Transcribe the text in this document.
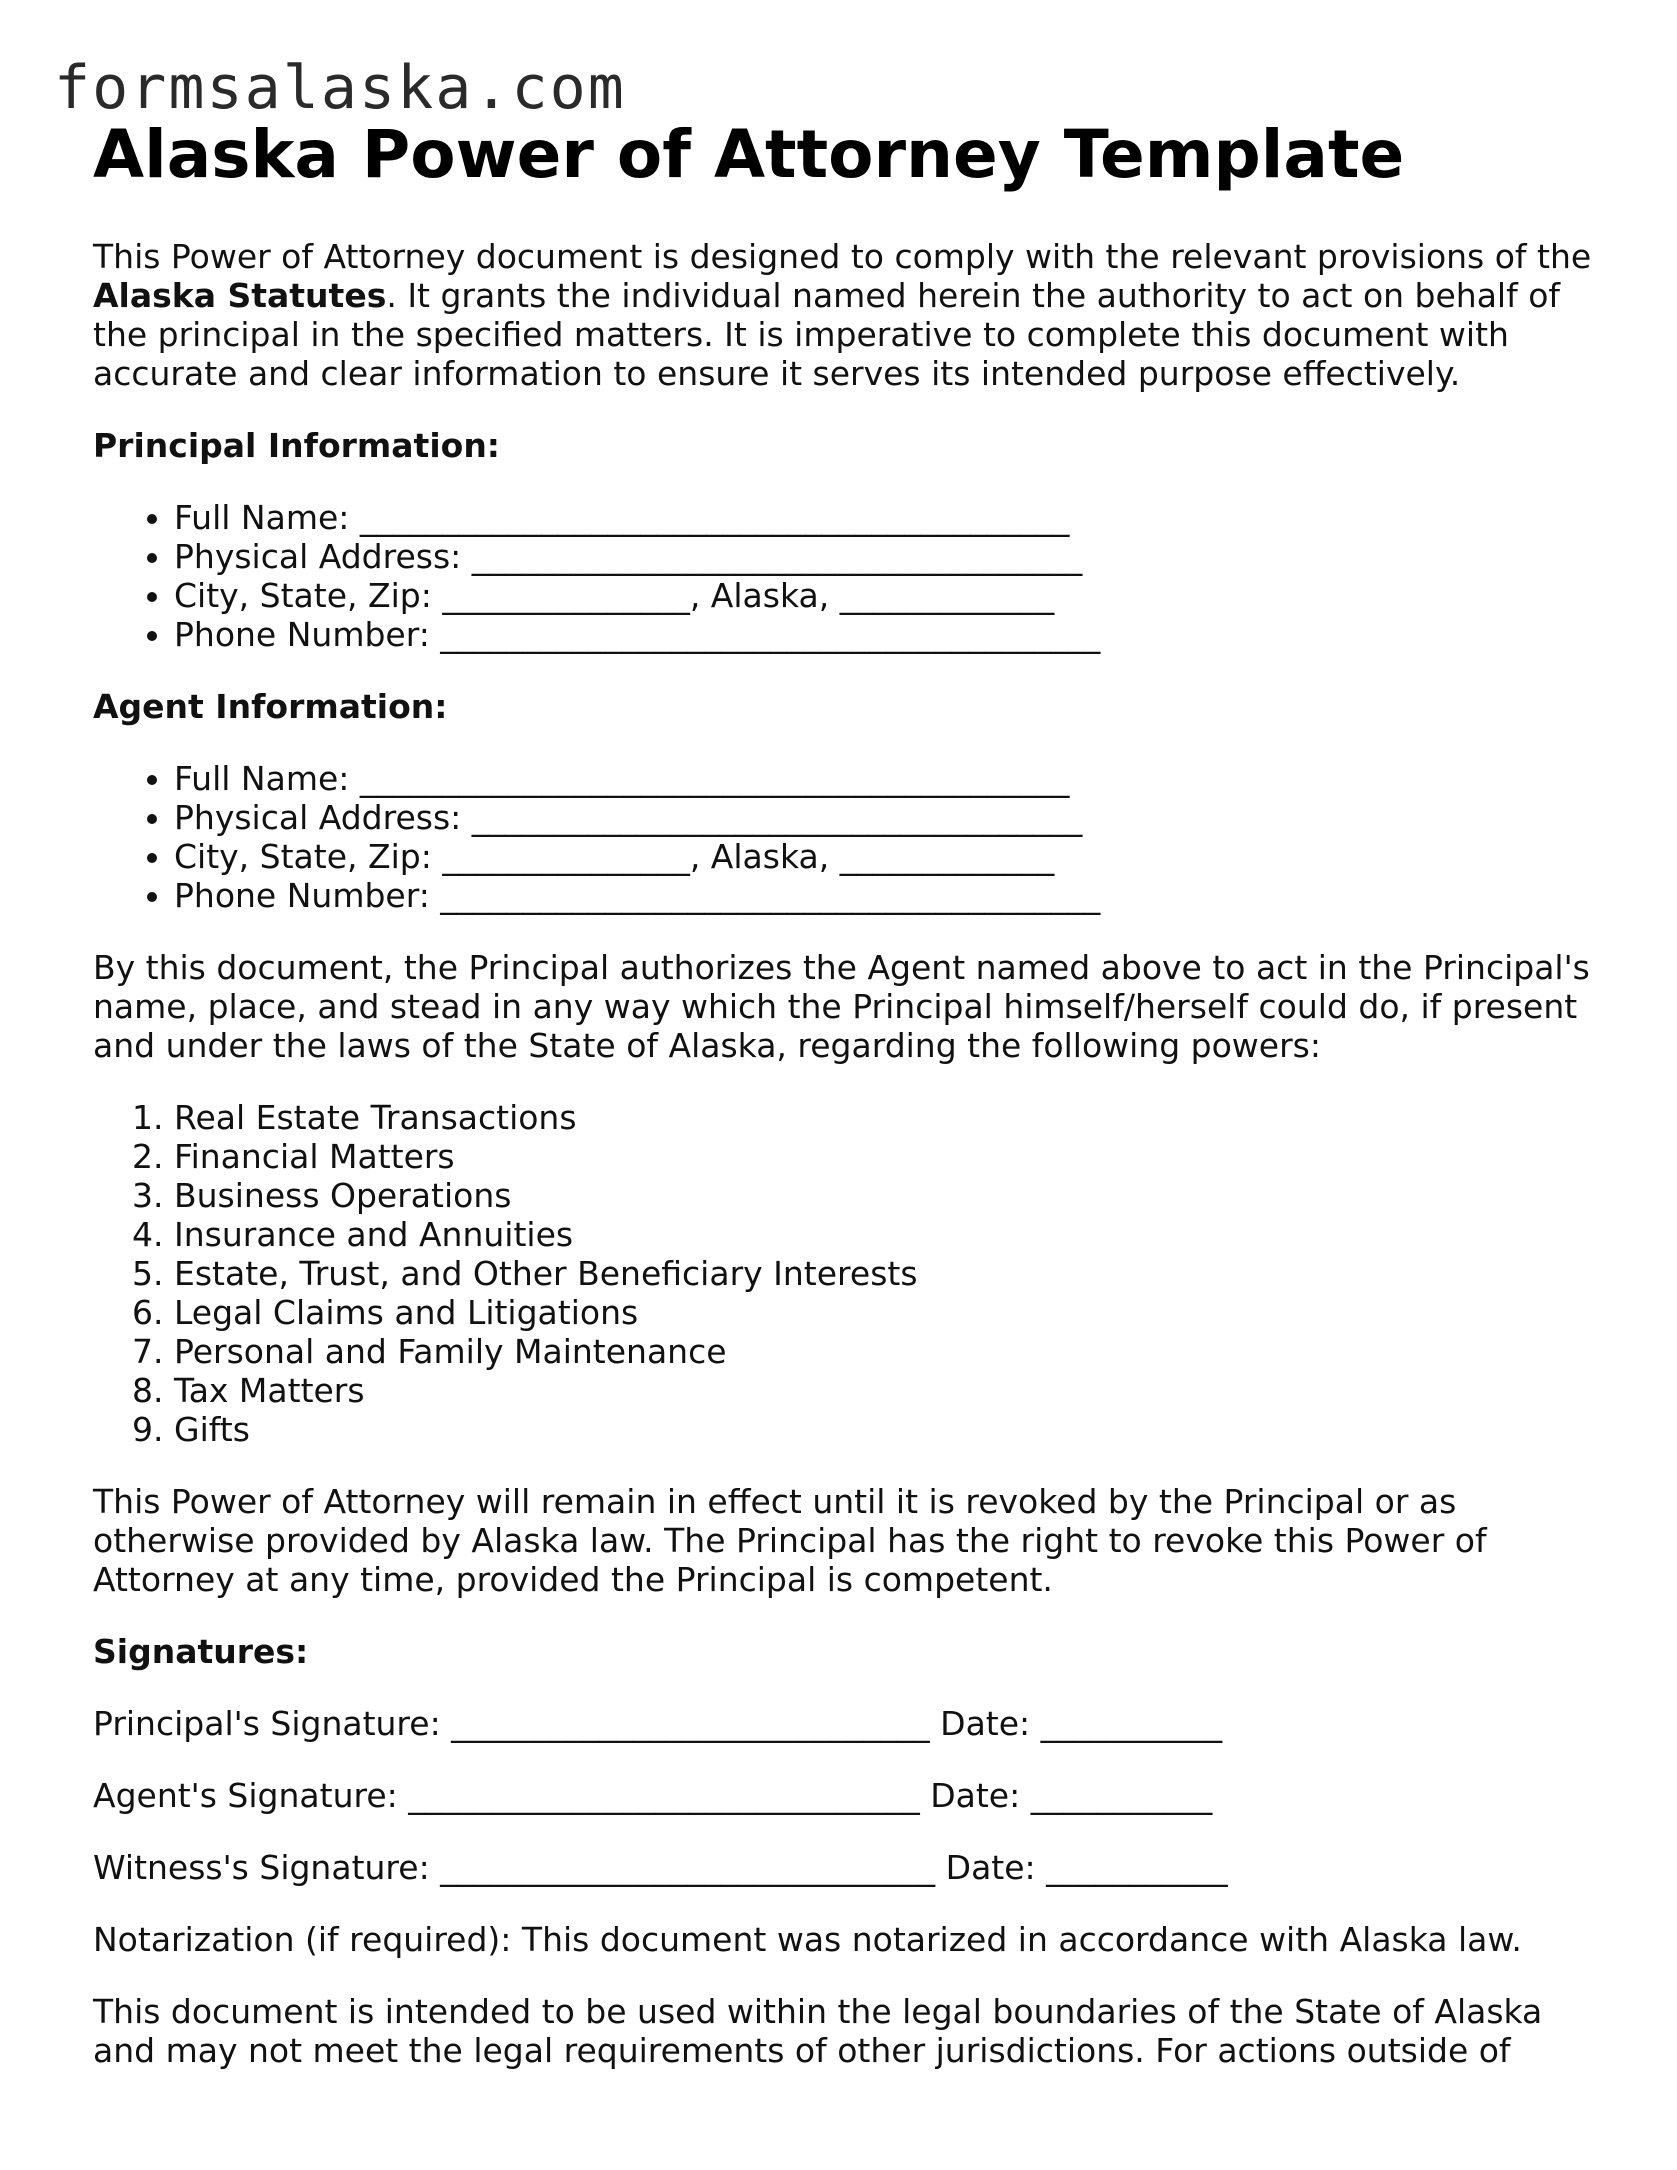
formsalaska.com
Alaska Power of Attorney Template

This Power of Attorney document is designed to comply with the relevant provisions of the Alaska Statutes. It grants the individual named herein the authority to act on behalf of the principal in the specified matters. It is imperative to complete this document with accurate and clear information to ensure it serves its intended purpose effectively.

Principal Information:

• Full Name: ___________________________________________
• Physical Address: _____________________________________
• City, State, Zip: _______________, Alaska, _____________
• Phone Number: ________________________________________

Agent Information:

• Full Name: ___________________________________________
• Physical Address: _____________________________________
• City, State, Zip: _______________, Alaska, _____________
• Phone Number: ________________________________________

By this document, the Principal authorizes the Agent named above to act in the Principal's name, place, and stead in any way which the Principal himself/herself could do, if present and under the laws of the State of Alaska, regarding the following powers:

1. Real Estate Transactions
2. Financial Matters
3. Business Operations
4. Insurance and Annuities
5. Estate, Trust, and Other Beneficiary Interests
6. Legal Claims and Litigations
7. Personal and Family Maintenance
8. Tax Matters
9. Gifts

This Power of Attorney will remain in effect until it is revoked by the Principal or as otherwise provided by Alaska law. The Principal has the right to revoke this Power of Attorney at any time, provided the Principal is competent.

Signatures:

Principal's Signature: _____________________________ Date: ___________

Agent's Signature: _______________________________ Date: ___________

Witness's Signature: ______________________________ Date: ___________

Notarization (if required): This document was notarized in accordance with Alaska law.

This document is intended to be used within the legal boundaries of the State of Alaska and may not meet the legal requirements of other jurisdictions. For actions outside of
